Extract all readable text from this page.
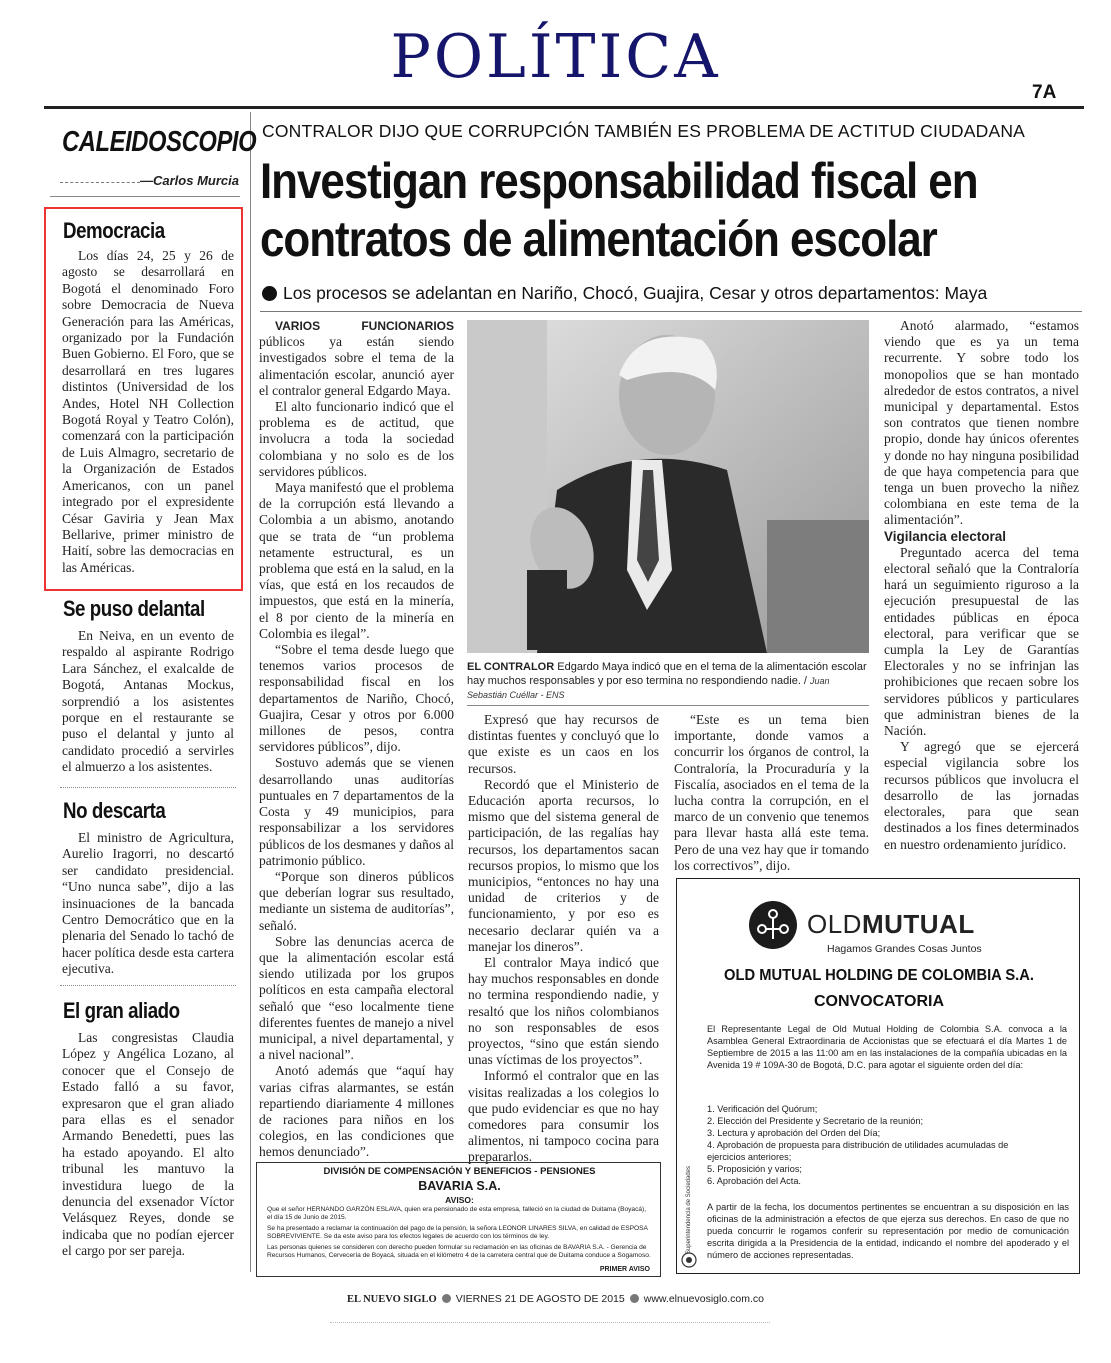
POLÍTICA
7A
CALEIDOSCOPIO
—Carlos Murcia
Democracia
Los días 24, 25 y 26 de agosto se desarrollará en Bogotá el denominado Foro sobre Democracia de Nueva Generación para las Américas, organizado por la Fundación Buen Gobierno. El Foro, que se desarrollará en tres lugares distintos (Universidad de los Andes, Hotel NH Collection Bogotá Royal y Teatro Colón), comenzará con la participación de Luis Almagro, secretario de la Organización de Estados Americanos, con un panel integrado por el expresidente César Gaviria y Jean Max Bellarive, primer ministro de Haití, sobre las democracias en las Américas.
Se puso delantal
En Neiva, en un evento de respaldo al aspirante Rodrigo Lara Sánchez, el exalcalde de Bogotá, Antanas Mockus, sorprendió a los asistentes porque en el restaurante se puso el delantal y junto al candidato procedió a servirles el almuerzo a los asistentes.
No descarta
El ministro de Agricultura, Aurelio Iragorri, no descartó ser candidato presidencial. “Uno nunca sabe”, dijo a las insinuaciones de la bancada Centro Democrático que en la plenaria del Senado lo tachó de hacer política desde esta cartera ejecutiva.
El gran aliado
Las congresistas Claudia López y Angélica Lozano, al conocer que el Consejo de Estado falló a su favor, expresaron que el gran aliado para ellas es el senador Armando Benedetti, pues las ha estado apoyando. El alto tribunal les mantuvo la investidura luego de la denuncia del exsenador Víctor Velásquez Reyes, donde se indicaba que no podían ejercer el cargo por ser pareja.
CONTRALOR DIJO QUE CORRUPCIÓN TAMBIÉN ES PROBLEMA DE ACTITUD CIUDADANA
Investigan responsabilidad fiscal en
contratos de alimentación escolar
Los procesos se adelantan en Nariño, Chocó, Guajira, Cesar y otros departamentos: Maya

VARIOS FUNCIONARIOS públicos ya están siendo investigados sobre el tema de la alimentación escolar, anunció ayer el contralor general Edgardo Maya.

El alto funcionario indicó que el problema es de actitud, que involucra a toda la sociedad colombiana y no solo es de los servidores públicos.

Maya manifestó que el problema de la corrupción está llevando a Colombia a un abismo, anotando que se trata de “un problema netamente estructural, es un problema que está en la salud, en la vías, que está en los recaudos de impuestos, que está en la minería, el 8 por ciento de la minería en Colombia es ilegal”.

“Sobre el tema desde luego que tenemos varios procesos de responsabilidad fiscal en los departamentos de Nariño, Chocó, Guajira, Cesar y otros por 6.000 millones de pesos, contra servidores públicos”, dijo.

Sostuvo además que se vienen desarrollando unas auditorías puntuales en 7 departamentos de la Costa y 49 municipios, para responsabilizar a los servidores públicos de los desmanes y daños al patrimonio público.

“Porque son dineros públicos que deberían lograr sus resultado, mediante un sistema de auditorías”, señaló.

Sobre las denuncias acerca de que la alimentación escolar está siendo utilizada por los grupos políticos en esta campaña electoral señaló que “eso localmente tiene diferentes fuentes de manejo a nivel municipal, a nivel departamental, y a nivel nacional”.

Anotó además que “aquí hay varias cifras alarmantes, se están repartiendo diariamente 4 millones de raciones para niños en los colegios, en las condiciones que hemos denunciado”.

EL CONTRALOR Edgardo Maya indicó que en el tema de la alimentación escolar hay muchos responsables y por eso termina no respondiendo nadie. / Juan Sebastián Cuéllar - ENS

Expresó que hay recursos de distintas fuentes y concluyó que lo que existe es un caos en los recursos.

Recordó que el Ministerio de Educación aporta recursos, lo mismo que del sistema general de participación, de las regalías hay recursos, los departamentos sacan recursos propios, lo mismo que los municipios, “entonces no hay una unidad de criterios y de funcionamiento, y por eso es necesario declarar quién va a manejar los dineros”.

El contralor Maya indicó que hay muchos responsables en donde no termina respondiendo nadie, y resaltó que los niños colombianos no son responsables de esos proyectos, “sino que están siendo unas víctimas de los proyectos”.

Informó el contralor que en las visitas realizadas a los colegios lo que pudo evidenciar es que no hay comedores para consumir los alimentos, ni tampoco cocina para prepararlos.

“Este es un tema bien importante, donde vamos a concurrir los órganos de control, la Contraloría, la Procuraduría y la Fiscalía, asociados en el tema de la lucha contra la corrupción, en el marco de un convenio que tenemos para llevar hasta allá este tema. Pero de una vez hay que ir tomando los correctivos”, dijo.

Anotó alarmado, “estamos viendo que es ya un tema recurrente. Y sobre todo los monopolios que se han montado alrededor de estos contratos, a nivel municipal y departamental. Estos son contratos que tienen nombre propio, donde hay únicos oferentes y donde no hay ninguna posibilidad de que haya competencia para que tenga un buen provecho la niñez colombiana en este tema de la alimentación”.

Vigilancia electoral

Preguntado acerca del tema electoral señaló que la Contraloría hará un seguimiento riguroso a la ejecución presupuestal de las entidades públicas en época electoral, para verificar que se cumpla la Ley de Garantías Electorales y no se infrinjan las prohibiciones que recaen sobre los servidores públicos y particulares que administran bienes de la Nación.

Y agregó que se ejercerá especial vigilancia sobre los recursos públicos que involucra el desarrollo de las jornadas electorales, para que sean destinados a los fines determinados en nuestro ordenamiento jurídico.

DIVISIÓN DE COMPENSACIÓN Y BENEFICIOS - PENSIONES
BAVARIA S.A.
AVISO:
Que el señor HERNANDO GARZÓN ESLAVA, quien era pensionado de esta empresa, falleció en la ciudad de Duitama (Boyacá), el día 15 de Junio de 2015.
Se ha presentado a reclamar la continuación del pago de la pensión, la señora LEONOR LINARES SILVA, en calidad de ESPOSA SOBREVIVIENTE. Se da este aviso para los efectos legales de acuerdo con los términos de ley.
Las personas quienes se consideren con derecho pueden formular su reclamación en las oficinas de BAVARIA S.A. - Gerencia de Recursos Humanos, Cervecería de Boyacá, situada en el kilómetro 4 de la carretera central que de Duitama conduce a Sogamoso.
PRIMER AVISO
OLDMUTUAL
Hagamos Grandes Cosas Juntos
OLD MUTUAL HOLDING DE COLOMBIA S.A.
CONVOCATORIA
El Representante Legal de Old Mutual Holding de Colombia S.A. convoca a la Asamblea General Extraordinaria de Accionistas que se efectuará el día Martes 1 de Septiembre de 2015 a las 11:00 am en las instalaciones de la compañía ubicadas en la Avenida 19 # 109A-30 de Bogotá, D.C. para agotar el siguiente orden del día:
1. Verificación del Quórum;
2. Elección del Presidente y Secretario de la reunión;
3. Lectura y aprobación del Orden del Día;
4. Aprobación de propuesta para distribución de utilidades acumuladas de ejercicios anteriores;
5. Proposición y varios;
6. Aprobación del Acta.
A partir de la fecha, los documentos pertinentes se encuentran a su disposición en las oficinas de la administración a efectos de que ejerza sus derechos. En caso de que no pueda concurrir le rogamos conferir su representación por medio de comunicación escrita dirigida a la Presidencia de la entidad, indicando el nombre del apoderado y el número de acciones representadas.
Superintendencia de Sociedades
EL NUEVO SIGLO VIERNES 21 DE AGOSTO DE 2015 www.elnuevosiglo.com.co
